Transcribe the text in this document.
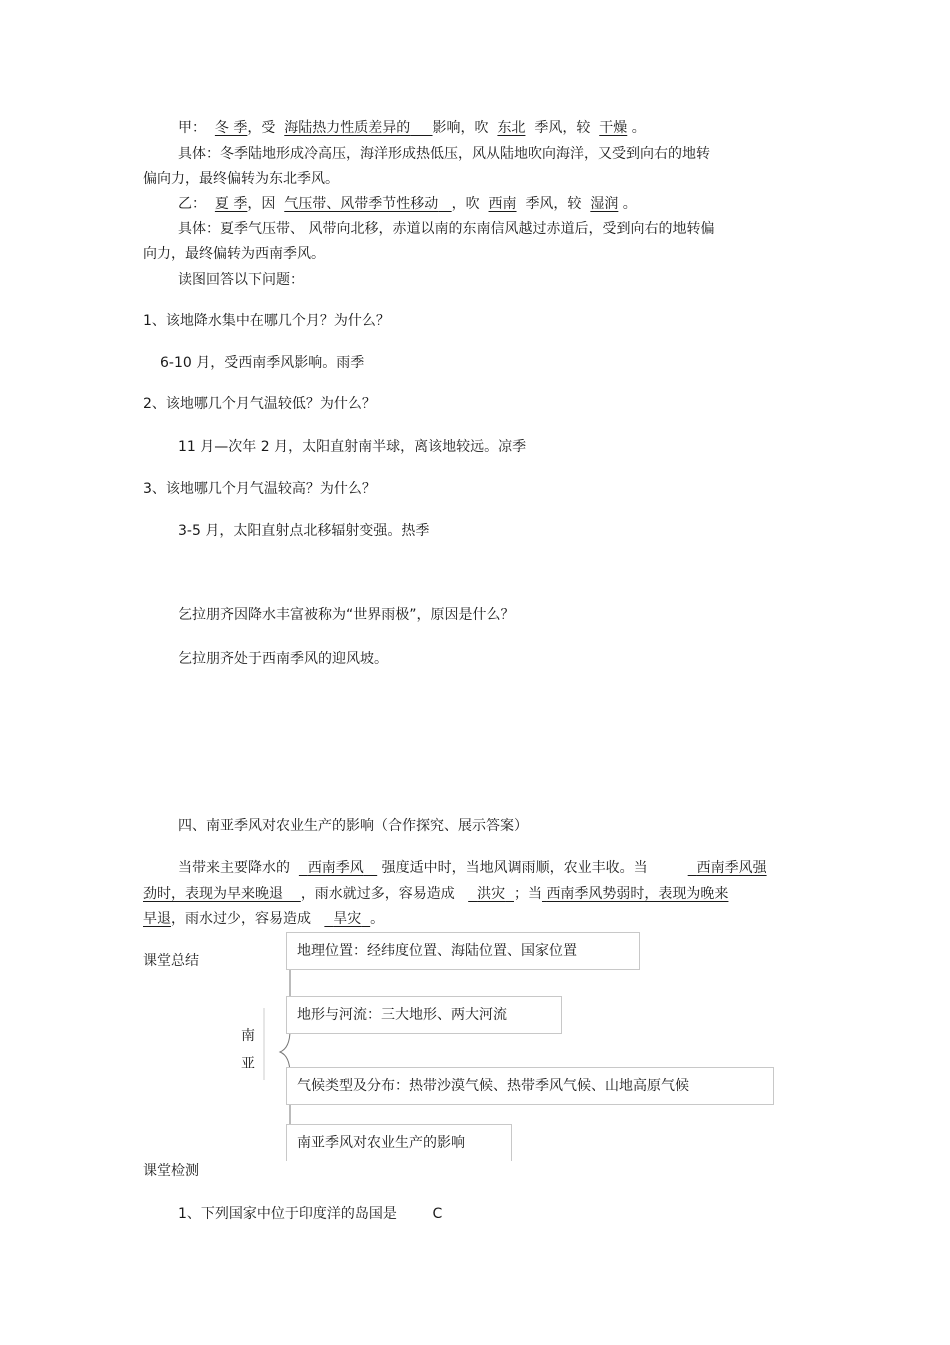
甲： 冬 季，受 海陆热力性质差异的 影响，吹 东北 季风，较 干燥 。
具体：冬季陆地形成冷高压，海洋形成热低压，风从陆地吹向海洋，又受到向右的地转
偏向力，最终偏转为东北季风。
乙： 夏 季，因 气压带、风带季节性移动 ，吹 西南 季风，较 湿润 。
具体：夏季气压带、 风带向北移，赤道以南的东南信风越过赤道后，受到向右的地转偏
向力，最终偏转为西南季风。
读图回答以下问题：
1、该地降水集中在哪几个月？为什么？
6-10 月，受西南季风影响。雨季
2、该地哪几个月气温较低？为什么？
11 月—次年 2 月，太阳直射南半球，离该地较远。凉季
3、该地哪几个月气温较高？为什么？
3-5 月，太阳直射点北移辐射变强。热季
乞拉朋齐因降水丰富被称为“世界雨极”，原因是什么？
乞拉朋齐处于西南季风的迎风坡。
四、南亚季风对农业生产的影响（合作探究、展示答案）
当带来主要降水的 西南季风 强度适中时，当地风调雨顺，农业丰收。当	西南季风强
劲时，表现为早来晚退 ，雨水就过多，容易造成 洪灾 ；当 西南季风势弱时，表现为晚来
早退，雨水过少，容易造成 旱灾 。
课堂总结
南
亚
地理位置：经纬度位置、海陆位置、国家位置
地形与河流：三大地形、两大河流
气候类型及分布：热带沙漠气候、热带季风气候、山地高原气候
南亚季风对农业生产的影响
课堂检测
1、下列国家中位于印度洋的岛国是	C
